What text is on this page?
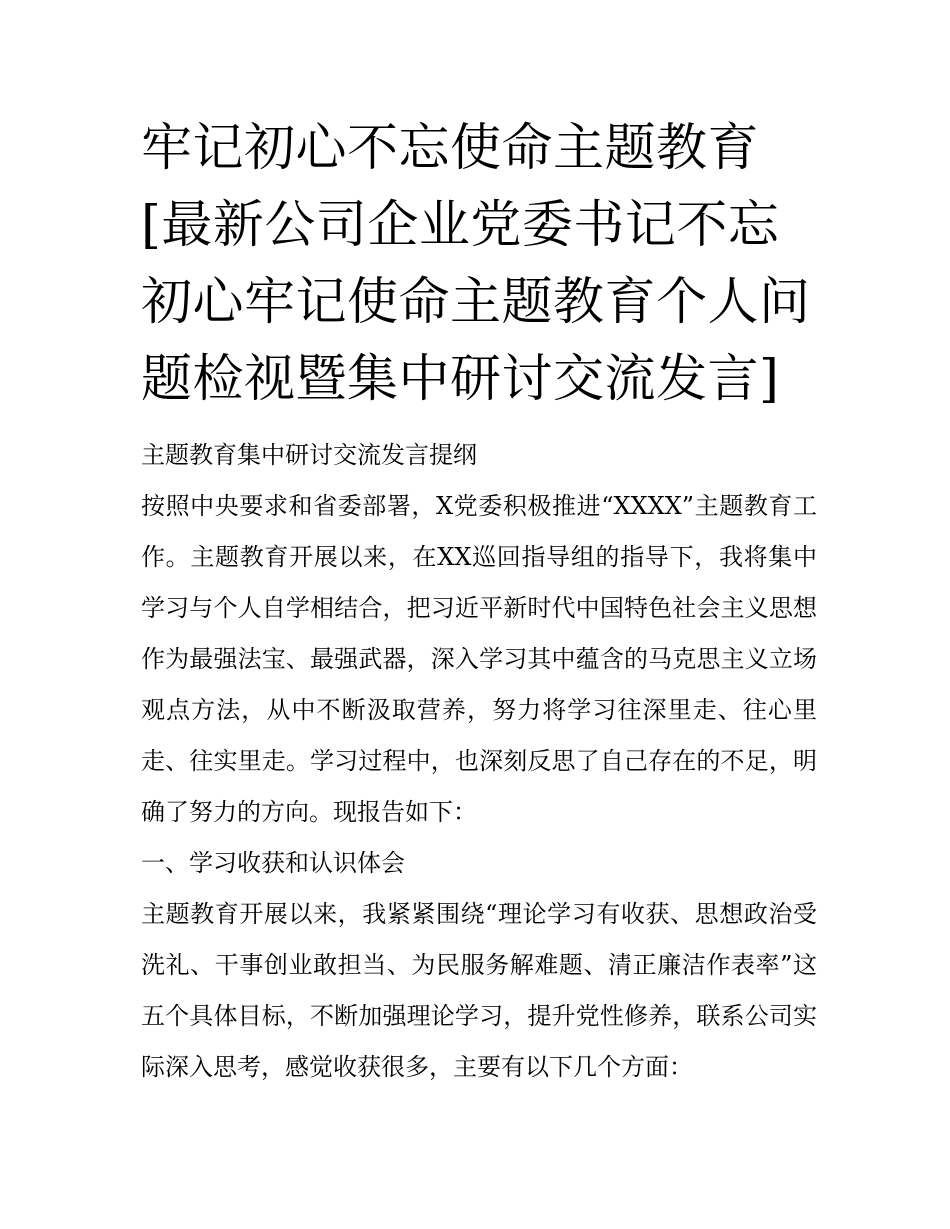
牢记初心不忘使命主题教育[最新公司企业党委书记不忘初心牢记使命主题教育个人问题检视暨集中研讨交流发言]

主题教育集中研讨交流发言提纲

按照中央要求和省委部署，X党委积极推进“XXXX”主题教育工作。主题教育开展以来，在XX巡回指导组的指导下，我将集中学习与个人自学相结合，把习近平新时代中国特色社会主义思想作为最强法宝、最强武器，深入学习其中蕴含的马克思主义立场观点方法，从中不断汲取营养，努力将学习往深里走、往心里走、往实里走。学习过程中，也深刻反思了自己存在的不足，明确了努力的方向。现报告如下：

一、学习收获和认识体会

主题教育开展以来，我紧紧围绕“理论学习有收获、思想政治受洗礼、干事创业敢担当、为民服务解难题、清正廉洁作表率”这五个具体目标，不断加强理论学习，提升党性修养，联系公司实际深入思考，感觉收获很多，主要有以下几个方面：
